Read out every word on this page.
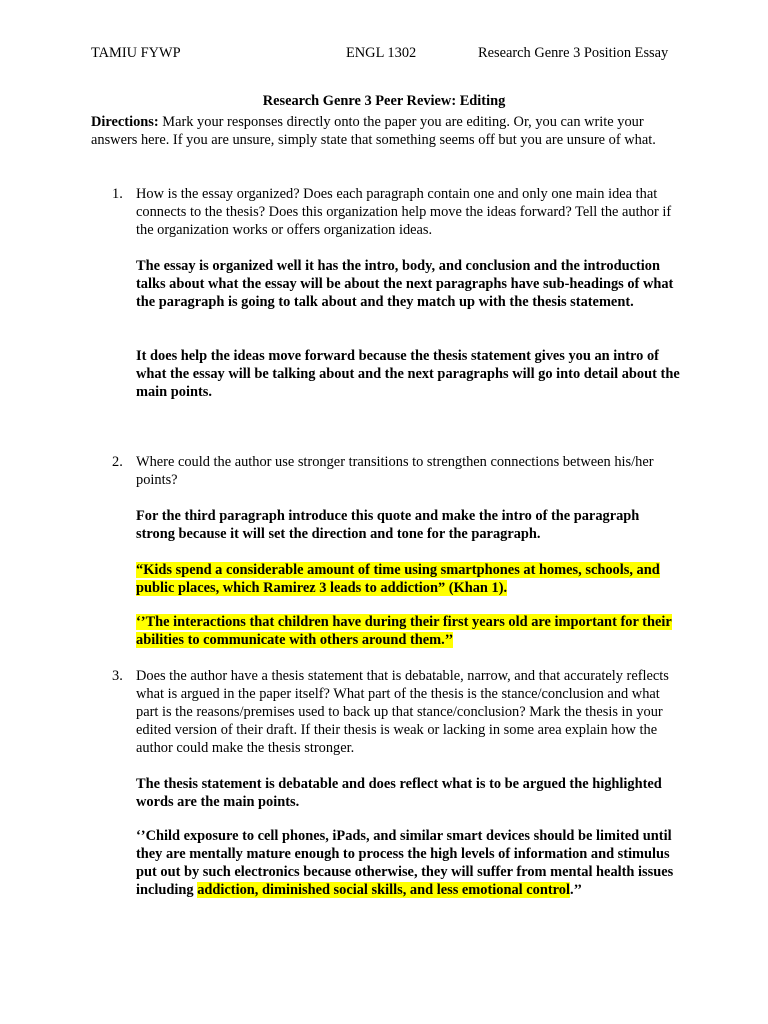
TAMIU FYWP	ENGL 1302	Research Genre 3 Position Essay
Research Genre 3 Peer Review: Editing
Directions: Mark your responses directly onto the paper you are editing. Or, you can write your answers here. If you are unsure, simply state that something seems off but you are unsure of what.
1. How is the essay organized? Does each paragraph contain one and only one main idea that connects to the thesis? Does this organization help move the ideas forward? Tell the author if the organization works or offers organization ideas.
The essay is organized well it has the intro, body, and conclusion and the introduction talks about what the essay will be about the next paragraphs have sub-headings of what the paragraph is going to talk about and they match up with the thesis statement.
It does help the ideas move forward because the thesis statement gives you an intro of what the essay will be talking about and the next paragraphs will go into detail about the main points.
2. Where could the author use stronger transitions to strengthen connections between his/her points?
For the third paragraph introduce this quote and make the intro of the paragraph strong because it will set the direction and tone for the paragraph.
“Kids spend a considerable amount of time using smartphones at homes, schools, and public places, which Ramirez 3 leads to addiction” (Khan 1).
‘’The interactions that children have during their first years old are important for their abilities to communicate with others around them.’’
3. Does the author have a thesis statement that is debatable, narrow, and that accurately reflects what is argued in the paper itself? What part of the thesis is the stance/conclusion and what part is the reasons/premises used to back up that stance/conclusion? Mark the thesis in your edited version of their draft. If their thesis is weak or lacking in some area explain how the author could make the thesis stronger.
The thesis statement is debatable and does reflect what is to be argued the highlighted words are the main points.
‘’Child exposure to cell phones, iPads, and similar smart devices should be limited until they are mentally mature enough to process the high levels of information and stimulus put out by such electronics because otherwise, they will suffer from mental health issues including addiction, diminished social skills, and less emotional control.’’
